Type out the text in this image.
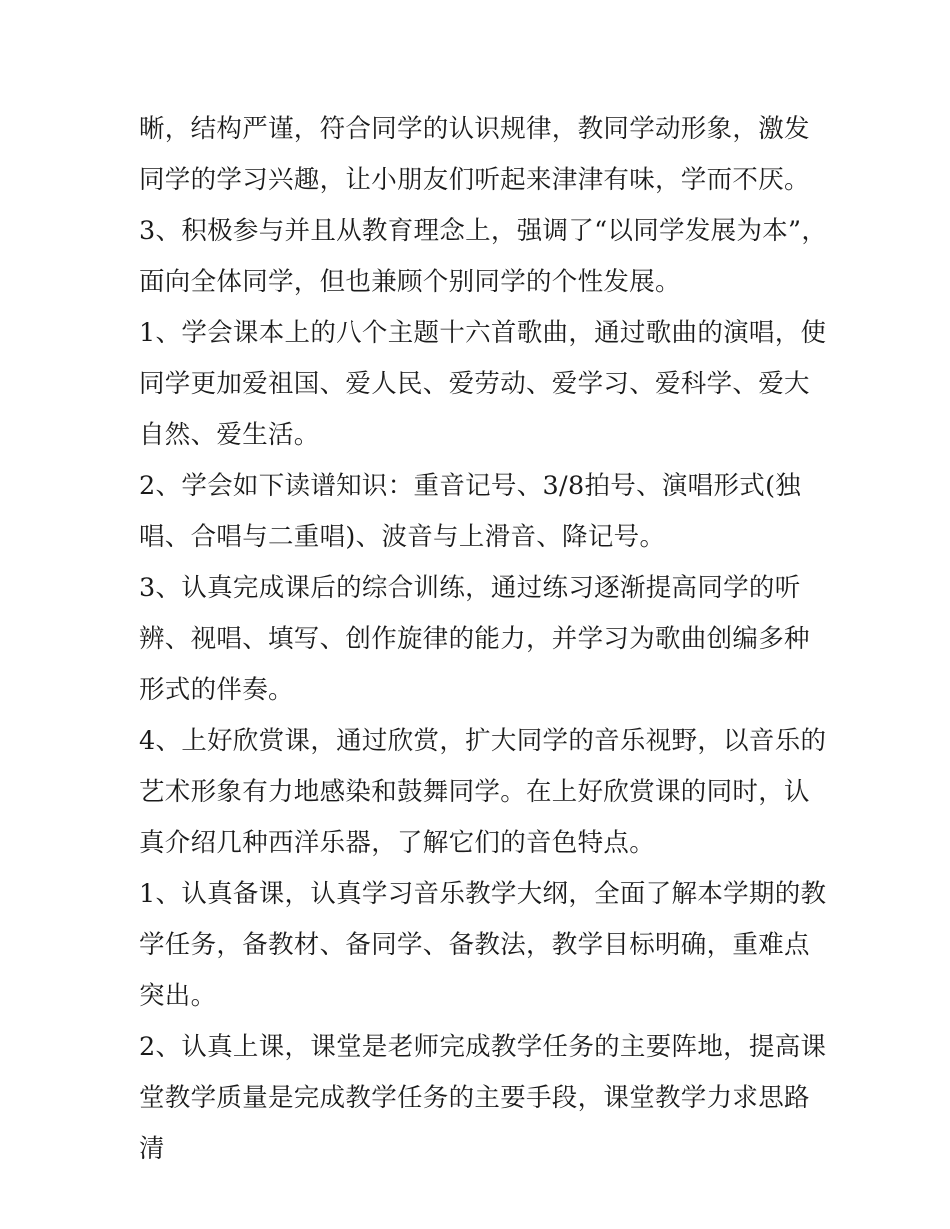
晰，结构严谨，符合同学的认识规律，教同学动形象，激发同学的学习兴趣，让小朋友们听起来津津有味，学而不厌。

3、积极参与并且从教育理念上，强调了“以同学发展为本”，面向全体同学，但也兼顾个别同学的个性发展。

1、学会课本上的八个主题十六首歌曲，通过歌曲的演唱，使同学更加爱祖国、爱人民、爱劳动、爱学习、爱科学、爱大自然、爱生活。

2、学会如下读谱知识：重音记号、3/8拍号、演唱形式(独唱、合唱与二重唱)、波音与上滑音、降记号。

3、认真完成课后的综合训练，通过练习逐渐提高同学的听辨、视唱、填写、创作旋律的能力，并学习为歌曲创编多种形式的伴奏。

4、上好欣赏课，通过欣赏，扩大同学的音乐视野，以音乐的艺术形象有力地感染和鼓舞同学。在上好欣赏课的同时，认真介绍几种西洋乐器，了解它们的音色特点。

1、认真备课，认真学习音乐教学大纲，全面了解本学期的教学任务，备教材、备同学、备教法，教学目标明确，重难点突出。

2、认真上课，课堂是老师完成教学任务的主要阵地，提高课堂教学质量是完成教学任务的主要手段，课堂教学力求思路清
